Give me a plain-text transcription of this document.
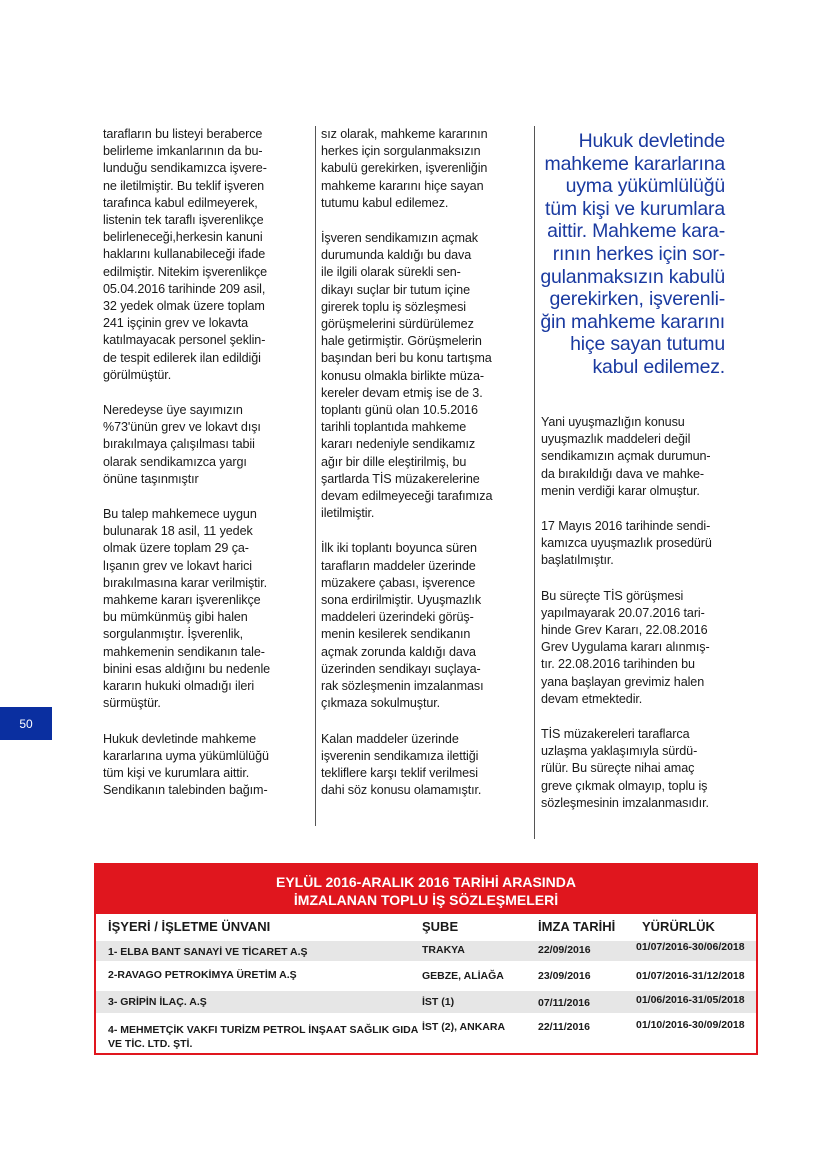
tarafların bu listeyi beraberce
belirleme imkanlarının da bu-
lunduğu sendikamızca işvere-
ne iletilmiştir. Bu teklif işveren
tarafınca kabul edilmeyerek,
listenin tek taraflı işverenlikçe
belirleneceği,herkesin kanuni
haklarını kullanabileceği ifade
edilmiştir. Nitekim işverenlikçe
05.04.2016 tarihinde 209 asil,
32 yedek olmak üzere toplam
241 işçinin grev ve lokavta
katılmayacak personel şeklin-
de tespit edilerek ilan edildiği
görülmüştür.

Neredeyse üye sayımızın
%73'ünün grev ve lokavt dışı
bırakılmaya çalışılması tabii
olarak sendikamızca yargı
önüne taşınmıştır

Bu talep mahkemece uygun
bulunarak 18 asil, 11 yedek
olmak üzere toplam 29 ça-
lışanın grev ve lokavt harici
bırakılmasına karar verilmiştir.
mahkeme kararı işverenlikçe
bu mümkünmüş gibi halen
sorgulanmıştır. İşverenlik,
mahkemenin sendikanın tale-
binini esas aldığını bu nedenle
kararın hukuki olmadığı ileri
sürmüştür.

Hukuk devletinde mahkeme
kararlarına uyma yükümlülüğü
tüm kişi ve kurumlara aittir.
Sendikanın talebinden bağım-

sız olarak, mahkeme kararının
herkes için sorgulanmaksızın
kabulü gerekirken, işverenliğin
mahkeme kararını hiçe sayan
tutumu kabul edilemez.

İşveren sendikamızın açmak
durumunda kaldığı bu dava
ile ilgili olarak sürekli sen-
dikayı suçlar bir tutum içine
girerek toplu iş sözleşmesi
görüşmelerini sürdürülemez
hale getirmiştir. Görüşmelerin
başından beri bu konu tartışma
konusu olmakla birlikte müza-
kereler devam etmiş ise de 3.
toplantı günü olan 10.5.2016
tarihli toplantıda mahkeme
kararı nedeniyle sendikamız
ağır bir dille eleştirilmiş, bu
şartlarda TİS müzakerelerine
devam edilmeyeceği tarafımıza
iletilmiştir.

İlk iki toplantı boyunca süren
tarafların maddeler üzerinde
müzakere çabası, işverence
sona erdirilmiştir. Uyuşmazlık
maddeleri üzerindeki görüş-
menin kesilerek sendikanın
açmak zorunda kaldığı dava
üzerinden sendikayı suçlaya-
rak sözleşmenin imzalanması
çıkmaza sokulmuştur.

Kalan maddeler üzerinde
işverenin sendikamıza ilettiği
tekliflere karşı teklif verilmesi
dahi söz konusu olamamıştır.

Hukuk devletinde
mahkeme kararlarına
uyma yükümlülüğü
tüm kişi ve kurumlara
aittir. Mahkeme kara-
rının herkes için sor-
gulanmaksızın kabulü
gerekirken, işverenli-
ğin mahkeme kararını
hiçe sayan tutumu
kabul edilemez.

Yani uyuşmazlığın konusu
uyuşmazlık maddeleri değil
sendikamızın açmak durumun-
da bırakıldığı dava ve mahke-
menin verdiği karar olmuştur.

17 Mayıs 2016 tarihinde sendi-
kamızca uyuşmazlık prosedürü
başlatılmıştır.

Bu süreçte TİS görüşmesi
yapılmayarak 20.07.2016 tari-
hinde Grev Kararı, 22.08.2016
Grev Uygulama kararı alınmış-
tır. 22.08.2016 tarihinden bu
yana başlayan grevimiz halen
devam etmektedir.

TİS müzakereleri taraflarca
uzlaşma yaklaşımıyla sürdü-
rülür. Bu süreçte nihai amaç
greve çıkmak olmayıp, toplu iş
sözleşmesinin imzalanmasıdır.

50
EYLÜL 2016-ARALIK 2016 TARİHİ ARASINDA
İMZALANAN TOPLU İŞ SÖZLEŞMELERİ
İŞYERİ / İŞLETME ÜNVANI	ŞUBE	İMZA TARİHİ YÜRÜRLÜK
1- ELBA BANT SANAYİ VE TİCARET A.Ş	TRAKYA	22/09/2016	01/07/2016-30/06/2018
2-RAVAGO PETROKİMYA ÜRETİM A.Ş	GEBZE, ALİAĞA	23/09/2016	01/07/2016-31/12/2018
3- GRİPİN İLAÇ. A.Ş	İST (1)	07/11/2016	01/06/2016-31/05/2018
4- MEHMETÇİK VAKFI TURİZM PETROL İNŞAAT SAĞLIK GIDA
VE TİC. LTD. ŞTİ.
İST (2), ANKARA	22/11/2016	01/10/2016-30/09/2018
